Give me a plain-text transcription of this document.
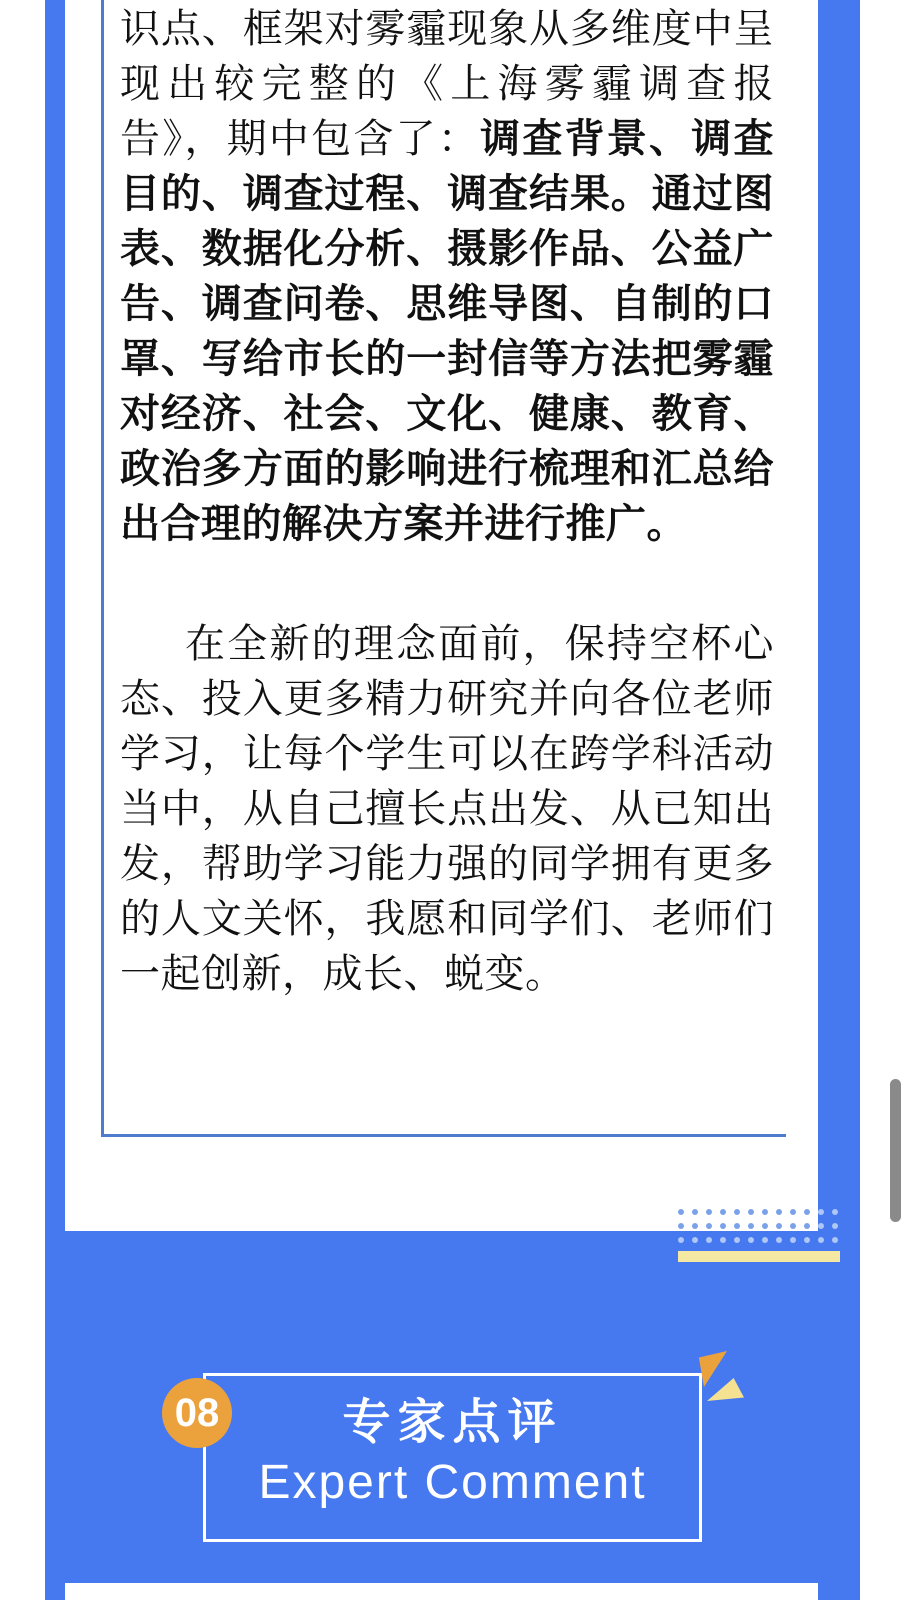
识点、框架对雾霾现象从多维度中呈现出较完整的《上海雾霾调查报告》，期中包含了：调查背景、调查目的、调查过程、调查结果。通过图表、数据化分析、摄影作品、公益广告、调查问卷、思维导图、自制的口罩、写给市长的一封信等方法把雾霾对经济、社会、文化、健康、教育、政治多方面的影响进行梳理和汇总给出合理的解决方案并进行推广。

在全新的理念面前，保持空杯心态、投入更多精力研究并向各位老师学习，让每个学生可以在跨学科活动当中，从自己擅长点出发、从已知出发，帮助学习能力强的同学拥有更多的人文关怀，我愿和同学们、老师们一起创新，成长、蜕变。

08	专家点评
Expert Comment
